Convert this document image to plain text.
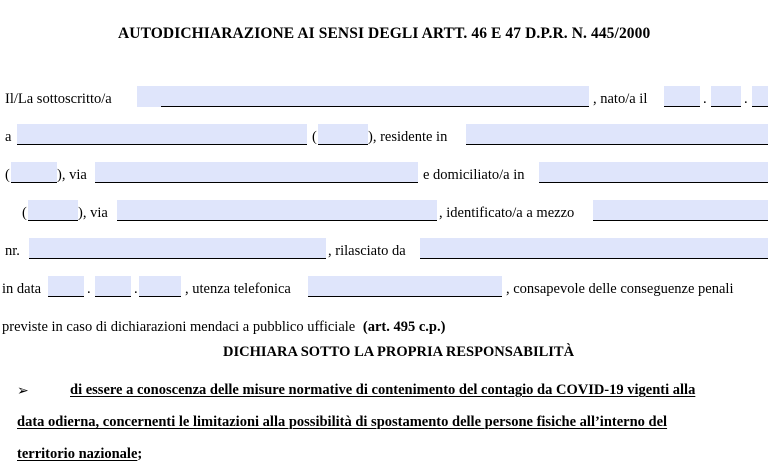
AUTODICHIARAZIONE AI SENSI DEGLI ARTT. 46 E 47 D.P.R. N. 445/2000
Il/La sottoscritto/a	, nato/a il	.	.
a	(	), residente in
(	), via	e domiciliato/a in
(	), via	, identificato/a a mezzo
nr.	, rilasciato da
in data	.	.	, utenza telefonica	, consapevole delle conseguenze penali
previste in caso di dichiarazioni mendaci a pubblico ufficiale (art. 495 c.p.)
DICHIARA SOTTO LA PROPRIA RESPONSABILITÀ
➢	di essere a conoscenza delle misure normative di contenimento del contagio da COVID-19 vigenti alla
data odierna, concernenti le limitazioni alla possibilità di spostamento delle persone fisiche all’interno del
territorio nazionale;
